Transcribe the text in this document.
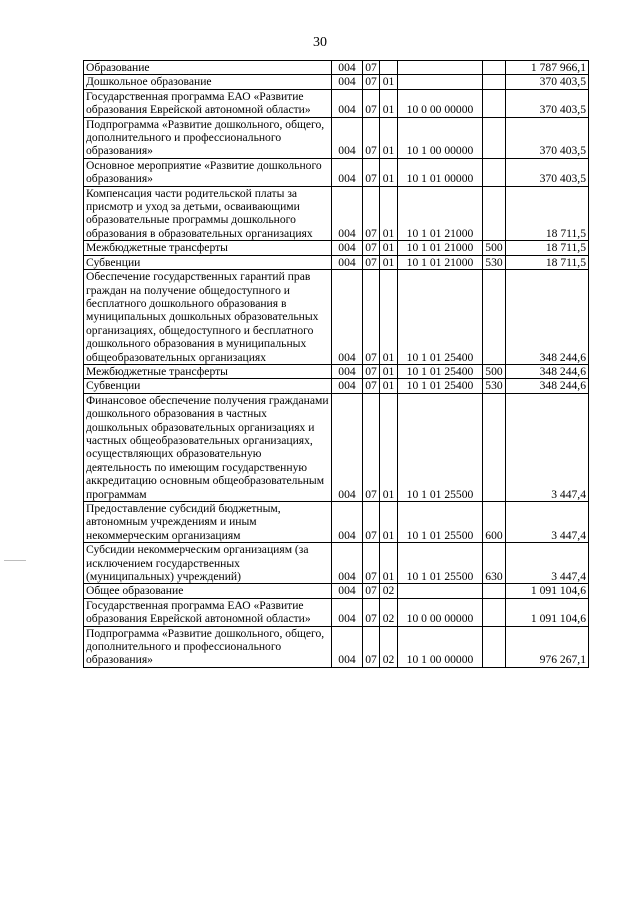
30
Образование	004	07				1 787 966,1
Дошкольное образование	004	07	01			370 403,5
Государственная программа ЕАО «Развитие образования Еврейской автономной области»	004	07	01	10 0 00 00000		370 403,5
Подпрограмма «Развитие дошкольного, общего, дополнительного и профессионального образования»	004	07	01	10 1 00 00000		370 403,5
Основное мероприятие «Развитие дошкольного образования»	004	07	01	10 1 01 00000		370 403,5
Компенсация части родительской платы за присмотр и уход за детьми, осваивающими образовательные программы дошкольного образования в образовательных организациях	004	07	01	10 1 01 21000		18 711,5
Межбюджетные трансферты	004	07	01	10 1 01 21000	500	18 711,5
Субвенции	004	07	01	10 1 01 21000	530	18 711,5
Обеспечение государственных гарантий прав граждан на получение общедоступного и бесплатного дошкольного образования в муниципальных дошкольных образовательных организациях, общедоступного и бесплатного дошкольного образования в муниципальных общеобразовательных организациях	004	07	01	10 1 01 25400		348 244,6
Межбюджетные трансферты	004	07	01	10 1 01 25400	500	348 244,6
Субвенции	004	07	01	10 1 01 25400	530	348 244,6
Финансовое обеспечение получения гражданами дошкольного образования в частных дошкольных образовательных организациях и частных общеобразовательных организациях, осуществляющих образовательную деятельность по имеющим государственную аккредитацию основным общеобразовательным программам	004	07	01	10 1 01 25500		3 447,4
Предоставление субсидий бюджетным, автономным учреждениям и иным некоммерческим организациям	004	07	01	10 1 01 25500	600	3 447,4
Субсидии некоммерческим организациям (за исключением государственных (муниципальных) учреждений)	004	07	01	10 1 01 25500	630	3 447,4
Общее образование	004	07	02			1 091 104,6
Государственная программа ЕАО «Развитие образования Еврейской автономной области»	004	07	02	10 0 00 00000		1 091 104,6
Подпрограмма «Развитие дошкольного, общего, дополнительного и профессионального образования»	004	07	02	10 1 00 00000		976 267,1
